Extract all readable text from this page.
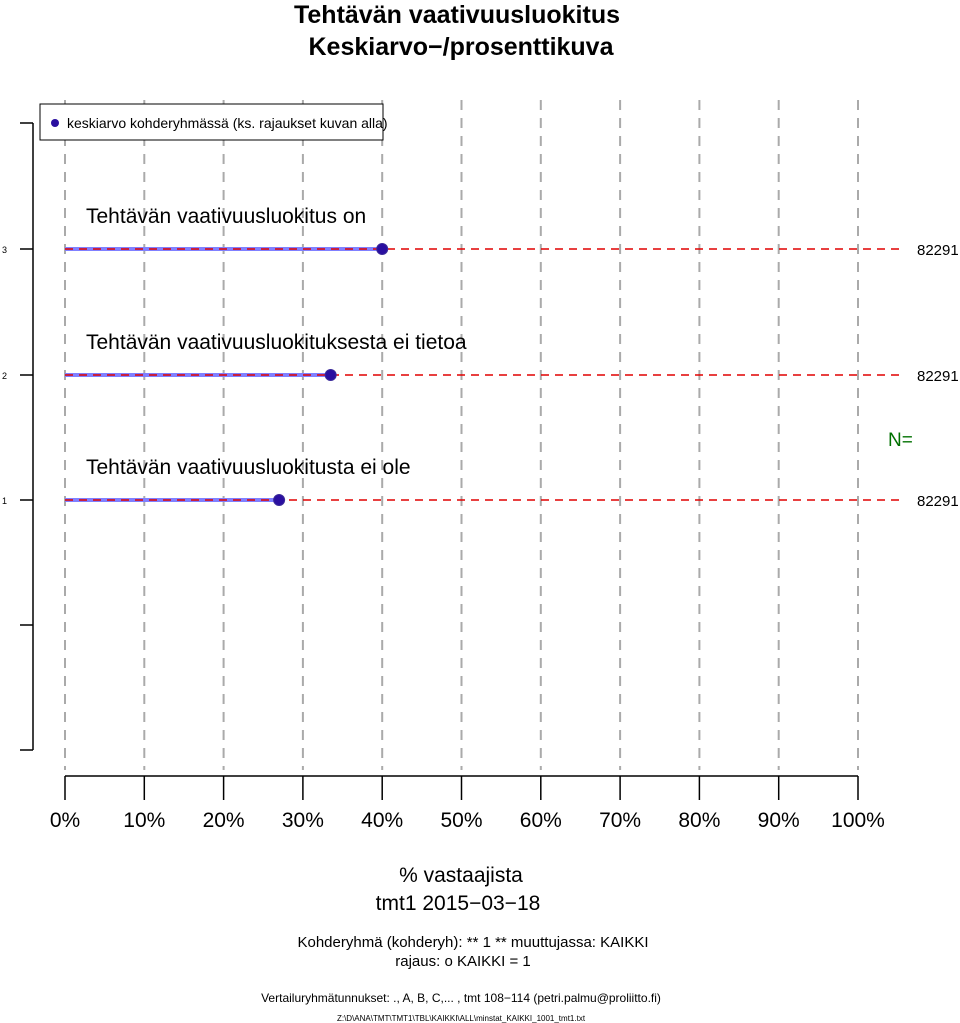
Tehtävän vaativuusluokitus
Keskiarvo−/prosenttikuva
keskiarvo kohderyhmässä (ks. rajaukset kuvan alla)
3
Tehtävän vaativuusluokitus on
82291
2
Tehtävän vaativuusluokituksesta ei tietoa
82291
1
Tehtävän vaativuusluokitusta ei ole
82291
N=
0% 10% 20% 30% 40% 50% 60% 70% 80% 90% 100%
% vastaajista
tmt1 2015−03−18
Kohderyhmä (kohderyh): ** 1 ** muuttujassa: KAIKKI
rajaus: o KAIKKI = 1
Vertailuryhmätunnukset: ., A, B, C,... , tmt 108−114 (petri.palmu@proliitto.fi)
Z:\D\ANA\TMT\TMT1\TBL\KAIKKI\ALL\minstat_KAIKKI_1001_tmt1.txt
